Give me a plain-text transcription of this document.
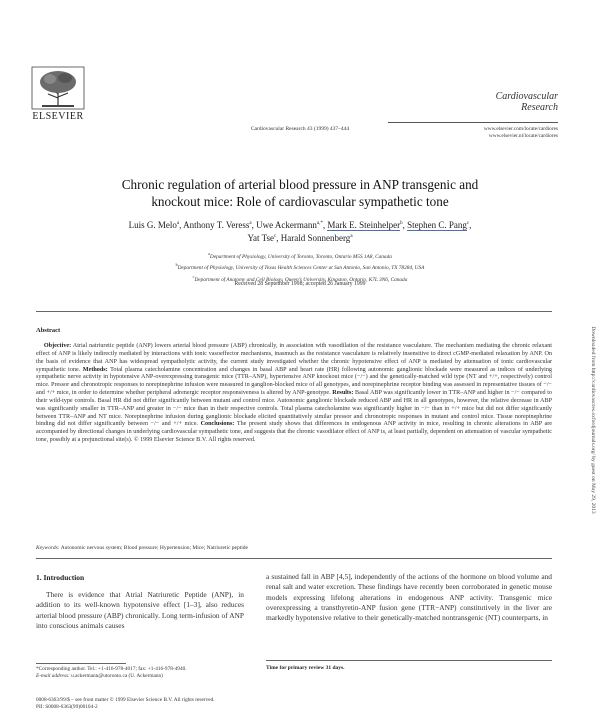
ELSEVIER
Cardiovascular Research 43 (1999) 437–444
Cardiovascular
Research
www.elsevier.com/locate/cardiores
www.elsevier.nl/locate/cardiores
Chronic regulation of arterial blood pressure in ANP transgenic and
knockout mice: Role of cardiovascular sympathetic tone
Luis G. Melo$^a$, Anthony T. Veress$^a$, Uwe Ackermann$^{a,*}$, Mark E. Steinhelper$^b$, Stephen C. Pang$^c$,
Yat Tse$^c$, Harald Sonnenberg$^a$
$^a$Department of Physiology, University of Toronto, Toronto, Ontario M5S 1A8, Canada
$^b$Department of Physiology, University of Texas Health Sciences Center at San Antonio, San Antonio, TX 78284, USA
$^c$Department of Anatomy and Cell Biology, Queen’s University, Kingston, Ontario, K7L 3N6, Canada
Received 28 September 1998; accepted 26 January 1999
Downloaded from http://cardiovascres.oxfordjournals.org/ by guest on May 29, 2013
Abstract
Objective: Atrial natriuretic peptide (ANP) lowers arterial blood pressure (ABP) chronically, in association with vasodilation of the resistance vasculature. The mechanism mediating the chronic relaxant effect of ANP is likely indirectly mediated by interactions with tonic vasoeffector mechanisms, inasmuch as the resistance vasculature is relatively insensitive to direct cGMP-mediated relaxation by ANP. On the basis of evidence that ANP has widespread sympatholytic activity, the current study investigated whether the chronic hypotensive effect of ANP is mediated by attenuation of tonic cardiovascular sympathetic tone. Methods: Total plasma catecholamine concentration and changes in basal ABP and heart rate (HR) following autonomic ganglionic blockade were measured as indices of underlying sympathetic nerve activity in hypotensive ANP-overexpressing transgenic mice (TTR–ANP), hypertensive ANP knockout mice (−/−) and the genetically-matched wild type (NT and +/+, respectively) control mice. Pressor and chronotropic responses to norepinephrine infusion were measured in ganglion-blocked mice of all genotypes, and norepinephrine receptor binding was assessed in representative tissues of −/− and +/+ mice, in order to determine whether peripheral adrenergic receptor responsiveness is altered by ANP-genotype. Results: Basal ABP was significantly lower in TTR–ANP and higher in −/− compared to their wild-type controls. Basal HR did not differ significantly between mutant and control mice. Autonomic ganglionic blockade reduced ABP and HR in all genotypes, however, the relative decrease in ABP was significantly smaller in TTR–ANP and greater in −/− mice than in their respective controls. Total plasma catecholamine was significantly higher in −/− than in +/+ mice but did not differ significantly between TTR–ANP and NT mice. Norepinephrine infusion during ganglionic blockade elicited quantitatively similar pressor and chronotropic responses in mutant and control mice. Tissue norepinephrine binding did not differ significantly between −/− and +/+ mice. Conclusions: The present study shows that differences in endogenous ANP activity in mice, resulting in chronic alterations in ABP are accompanied by directional changes in underlying cardiovascular sympathetic tone, and suggests that the chronic vasodilator effect of ANP is, at least partially, dependent on attenuation of vascular sympathetic tone, possibly at a prejunctional site(s). © 1999 Elsevier Science B.V. All rights reserved.
Keywords: Autonomic nervous system; Blood pressure; Hypertension; Mice; Natriuretic peptide
1. Introduction
There is evidence that Atrial Natriuretic Peptide (ANP), in addition to its well-known hypotensive effect [1–3], also reduces arterial blood pressure (ABP) chronically. Long term-infusion of ANP into conscious animals causes
a sustained fall in ABP [4,5], independently of the actions of the hormone on blood volume and renal salt and water excretion. These findings have recently been corroborated in genetic mouse models expressing lifelong alterations in endogenous ANP activity. Transgenic mice overexpressing a transthyretin-ANP fusion gene (TTR−ANP) constitutively in the liver are markedly hypotensive relative to their genetically-matched nontransgenic (NT) counterparts, in
*Corresponding author. Tel.: +1-416-978-4017; fax: +1-416-978-4940.
E-mail address: u.ackermann@utoronto.ca (U. Ackermann)
Time for primary review 31 days.
0008-6363/99/$ – see front matter © 1999 Elsevier Science B.V. All rights reserved.
PII: S0008-6363(99)00104-2
